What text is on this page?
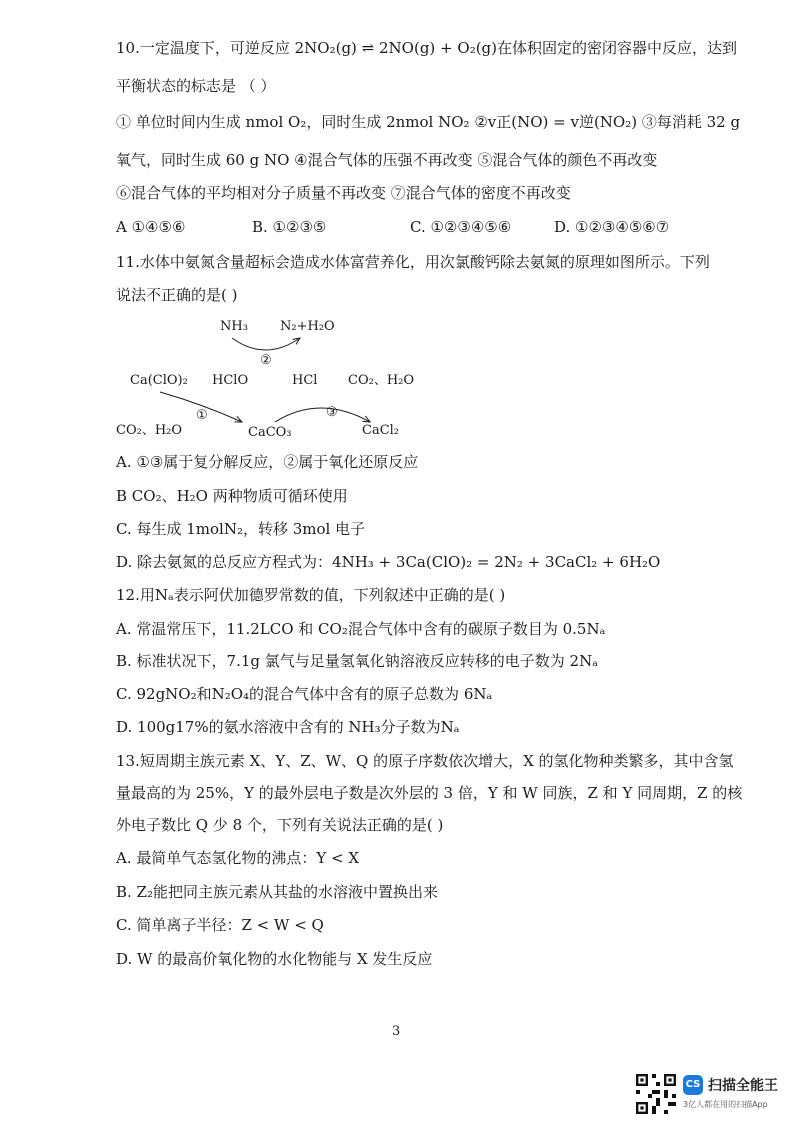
10.一定温度下，可逆反应 2NO₂(g) ⇌ 2NO(g) + O₂(g)在体积固定的密闭容器中反应，达到
平衡状态的标志是 （ ）
① 单位时间内生成 nmol O₂，同时生成 2nmol NO₂ ②v正(NO) = v逆(NO₂) ③每消耗 32 g
氧气，同时生成 60 g NO ④混合气体的压强不再改变 ⑤混合气体的颜色不再改变
⑥混合气体的平均相对分子质量不再改变 ⑦混合气体的密度不再改变
A ①④⑤⑥	B. ①②③⑤	C. ①②③④⑤⑥	D. ①②③④⑤⑥⑦
11.水体中氨氮含量超标会造成水体富营养化，用次氯酸钙除去氨氮的原理如图所示。下列
说法不正确的是( )
NH₃ N₂+H₂O
②
Ca(ClO)₂ HClO	HCl CO₂、H₂O
①	③
CO₂、H₂O	CaCO₃	CaCl₂
A. ①③属于复分解反应，②属于氧化还原反应
B CO₂、H₂O 两种物质可循环使用
C. 每生成 1molN₂，转移 3mol 电子
D. 除去氨氮的总反应方程式为：4NH₃ + 3Ca(ClO)₂ = 2N₂ + 3CaCl₂ + 6H₂O
12.用Nₐ表示阿伏加德罗常数的值，下列叙述中正确的是( )
A. 常温常压下，11.2LCO 和 CO₂混合气体中含有的碳原子数目为 0.5Nₐ
B. 标准状况下，7.1g 氯气与足量氢氧化钠溶液反应转移的电子数为 2Nₐ
C. 92gNO₂和N₂O₄的混合气体中含有的原子总数为 6Nₐ
D. 100g17%的氨水溶液中含有的 NH₃分子数为Nₐ
13.短周期主族元素 X、Y、Z、W、Q 的原子序数依次增大，X 的氢化物种类繁多，其中含氢
量最高的为 25%，Y 的最外层电子数是次外层的 3 倍，Y 和 W 同族，Z 和 Y 同周期，Z 的核
外电子数比 Q 少 8 个，下列有关说法正确的是( )
A. 最简单气态氢化物的沸点：Y < X
B. Z₂能把同主族元素从其盐的水溶液中置换出来
C. 简单离子半径：Z < W < Q
D. W 的最高价氧化物的水化物能与 X 发生反应
3
CS 扫描全能王
3亿人都在用的扫描App
